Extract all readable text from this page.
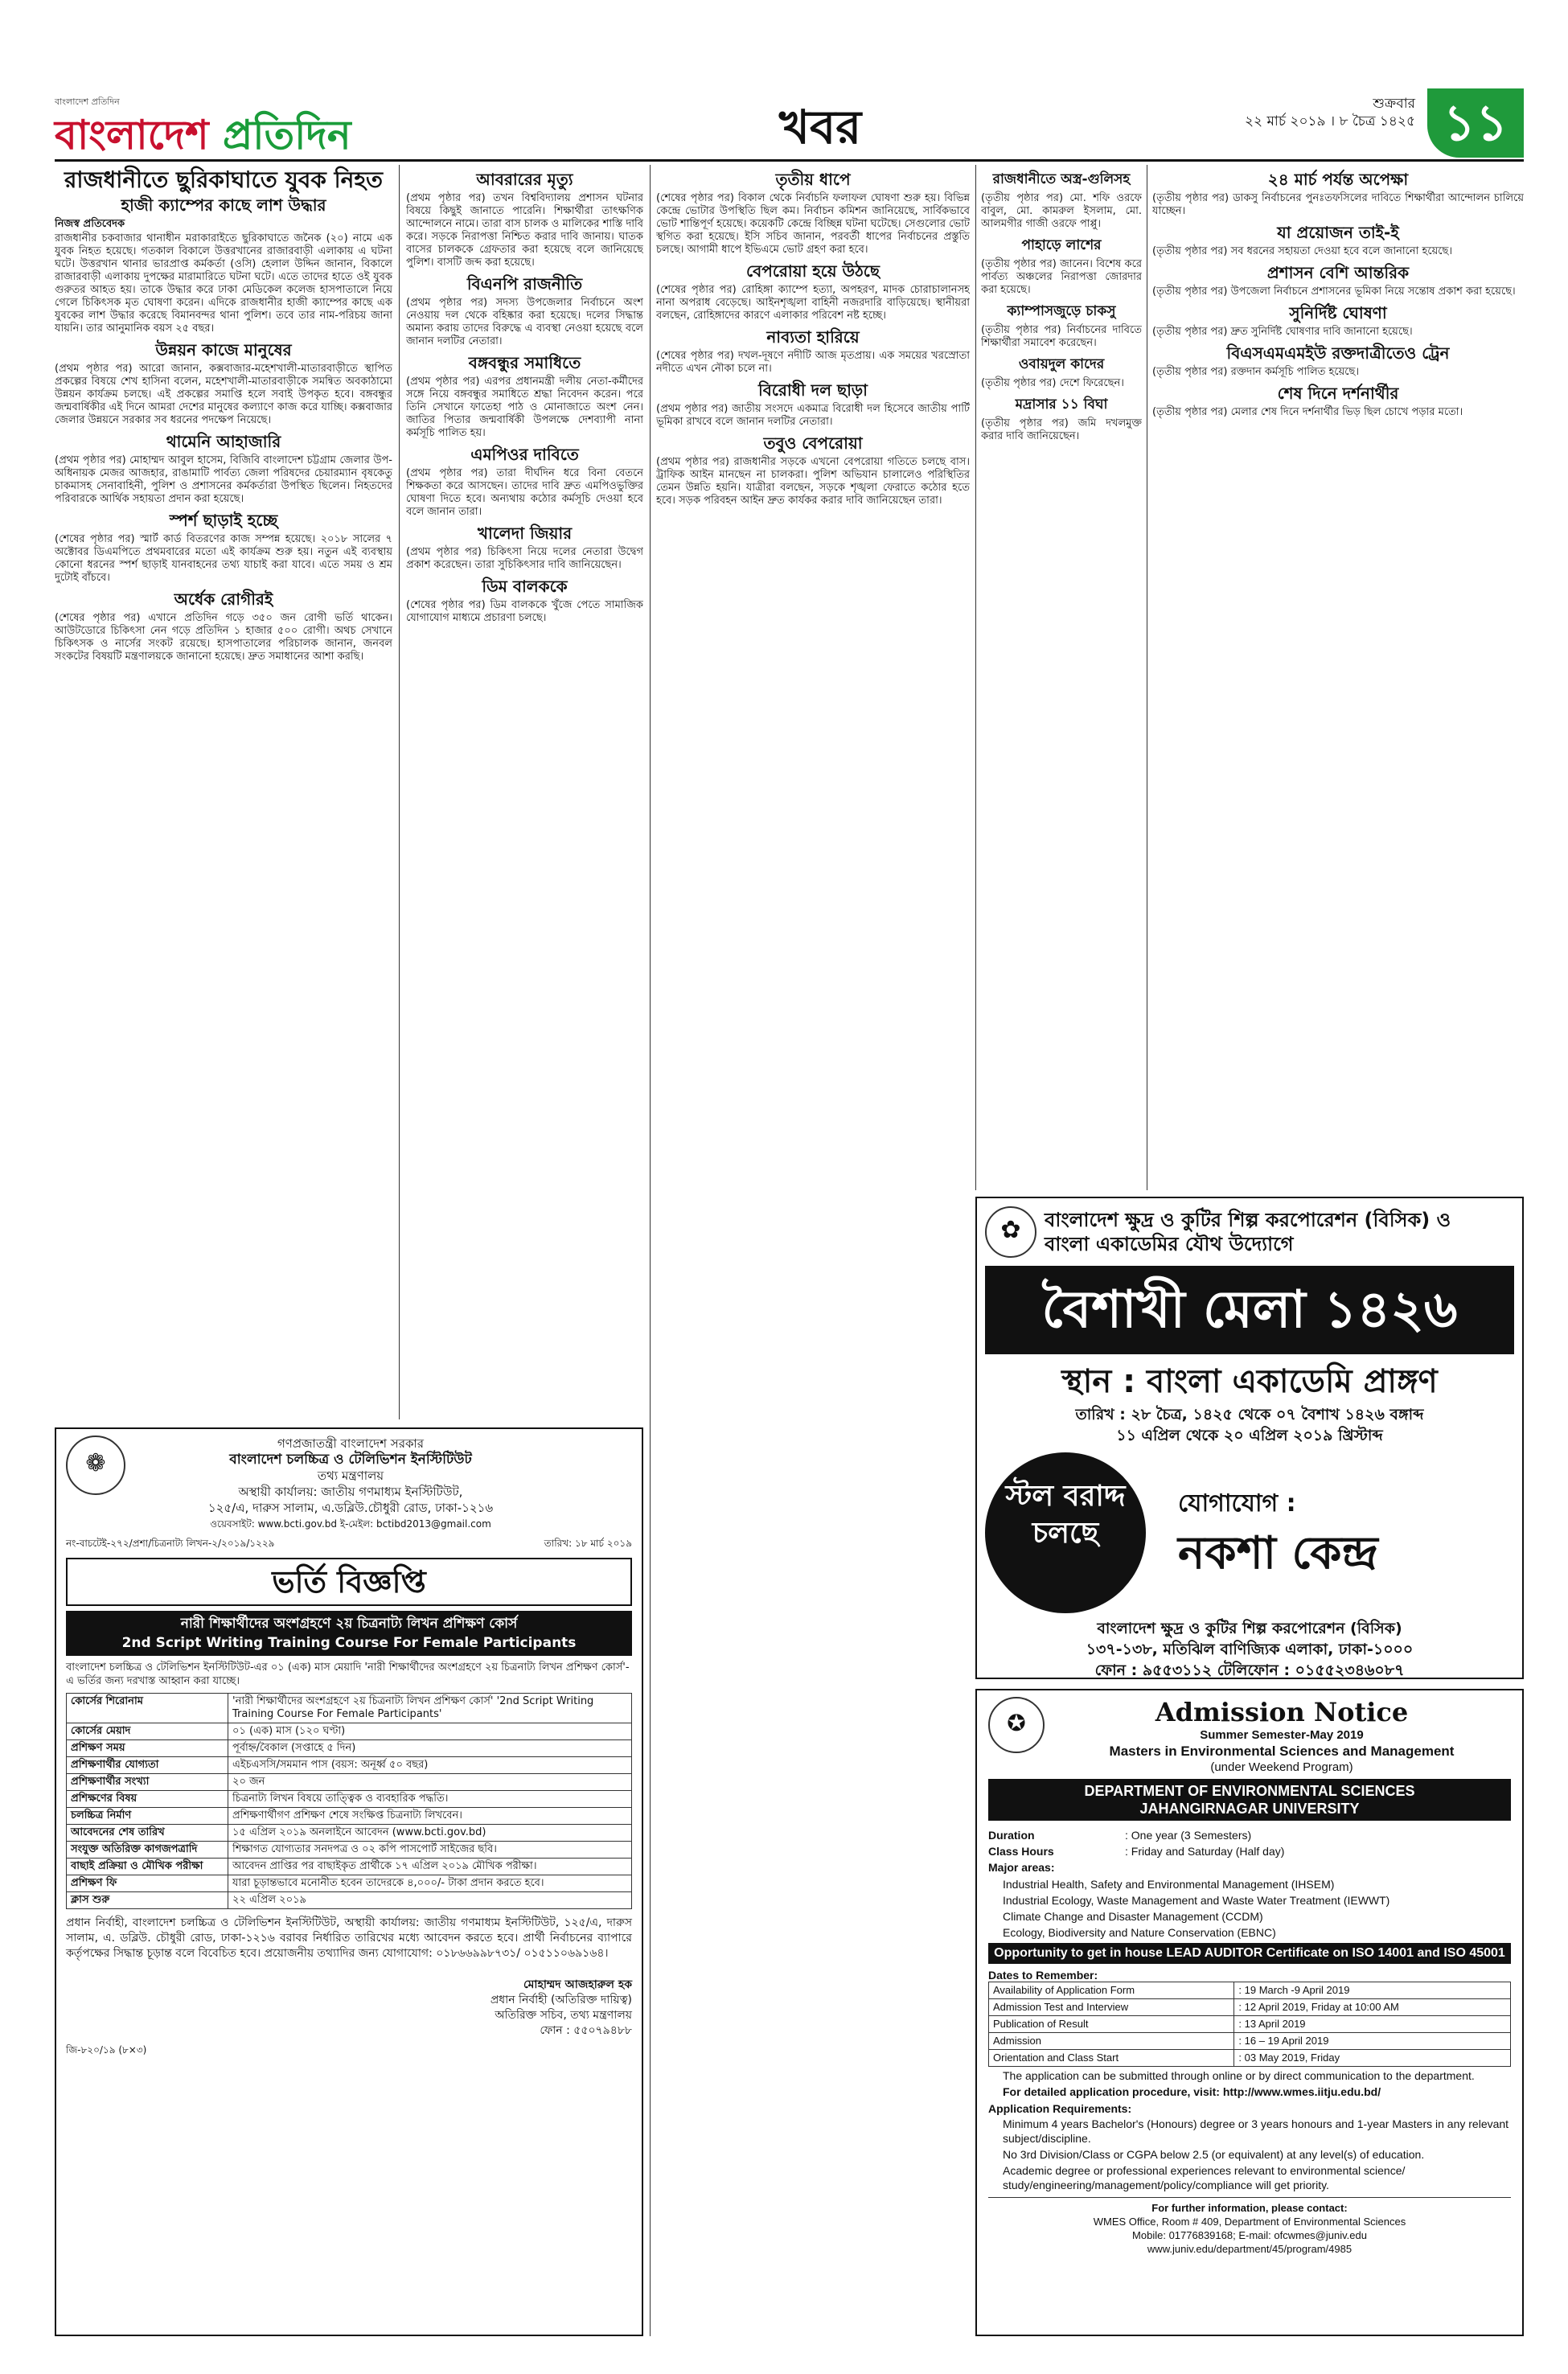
বাংলাদেশ প্রতিদিন
বাংলাদেশ প্রতিদিন	খবর	শুক্রবার
২২ মার্চ ২০১৯ । ৮ চৈত্র ১৪২৫ ১১
রাজধানীতে ছুরিকাঘাতে যুবক নিহত
হাজী ক্যাম্পের কাছে লাশ উদ্ধার
নিজস্ব প্রতিবেদক

রাজধানীর চকবাজার থানাধীন মরাকারাইতে ছুরিকাঘাতে জনৈক (২০) নামে এক যুবক নিহত হয়েছে। গতকাল বিকালে উত্তরখানের রাজারবাড়ী এলাকায় এ ঘটনা ঘটে। উত্তরখান থানার ভারপ্রাপ্ত কর্মকর্তা (ওসি) হেলাল উদ্দিন জানান, বিকালে রাজারবাড়ী এলাকায় দুপক্ষের মারামারিতে ঘটনা ঘটে। এতে তাদের হাতে ওই যুবক গুরুতর আহত হয়। তাকে উদ্ধার করে ঢাকা মেডিকেল কলেজ হাসপাতালে নিয়ে গেলে চিকিৎসক মৃত ঘোষণা করেন। এদিকে রাজধানীর হাজী ক্যাম্পের কাছে এক যুবকের লাশ উদ্ধার করেছে বিমানবন্দর থানা পুলিশ। তবে তার নাম-পরিচয় জানা যায়নি। তার আনুমানিক বয়স ২৫ বছর।

উন্নয়ন কাজে মানুষের

(প্রথম পৃষ্ঠার পর) আরো জানান, কক্সবাজার-মহেশখালী-মাতারবাড়ীতে স্থাপিত প্রকল্পের বিষয়ে শেখ হাসিনা বলেন, মহেশখালী-মাতারবাড়ীকে সমন্বিত অবকাঠামো উন্নয়ন কার্যক্রম চলছে। এই প্রকল্পের সমাপ্তি হলে সবাই উপকৃত হবে। বঙ্গবন্ধুর জন্মবার্ষিকীর এই দিনে আমরা দেশের মানুষের কল্যাণে কাজ করে যাচ্ছি। কক্সবাজার জেলার উন্নয়নে সরকার সব ধরনের পদক্ষেপ নিয়েছে।

থামেনি আহাজারি

(প্রথম পৃষ্ঠার পর) মোহাম্মদ আবুল হাসেম, বিজিবি বাংলাদেশ চট্টগ্রাম জেলার উপ-অধিনায়ক মেজর আজহার, রাঙামাটি পার্বত্য জেলা পরিষদের চেয়ারম্যান বৃষকেতু চাকমাসহ সেনাবাহিনী, পুলিশ ও প্রশাসনের কর্মকর্তারা উপস্থিত ছিলেন। নিহতদের পরিবারকে আর্থিক সহায়তা প্রদান করা হয়েছে।

স্পর্শ ছাড়াই হচ্ছে

(শেষের পৃষ্ঠার পর) স্মার্ট কার্ড বিতরণের কাজ সম্পন্ন হয়েছে। ২০১৮ সালের ৭ অক্টোবর ডিএমপিতে প্রথমবারের মতো এই কার্যক্রম শুরু হয়। নতুন এই ব্যবস্থায় কোনো ধরনের স্পর্শ ছাড়াই যানবাহনের তথ্য যাচাই করা যাবে। এতে সময় ও শ্রম দুটোই বাঁচবে।

অর্ধেক রোগীরই

(শেষের পৃষ্ঠার পর) এখানে প্রতিদিন গড়ে ৩৫০ জন রোগী ভর্তি থাকেন। আউটডোরে চিকিৎসা নেন গড়ে প্রতিদিন ১ হাজার ৫০০ রোগী। অথচ সেখানে চিকিৎসক ও নার্সের সংকট রয়েছে। হাসপাতালের পরিচালক জানান, জনবল সংকটের বিষয়টি মন্ত্রণালয়কে জানানো হয়েছে। দ্রুত সমাধানের আশা করছি।

আবরারের মৃত্যু

(প্রথম পৃষ্ঠার পর) তখন বিশ্ববিদ্যালয় প্রশাসন ঘটনার বিষয়ে কিছুই জানাতে পারেনি। শিক্ষার্থীরা তাৎক্ষণিক আন্দোলনে নামে। তারা বাস চালক ও মালিকের শাস্তি দাবি করে। সড়কে নিরাপত্তা নিশ্চিত করার দাবি জানায়। ঘাতক বাসের চালককে গ্রেফতার করা হয়েছে বলে জানিয়েছে পুলিশ। বাসটি জব্দ করা হয়েছে।

বিএনপি রাজনীতি

(প্রথম পৃষ্ঠার পর) সদস্য উপজেলার নির্বাচনে অংশ নেওয়ায় দল থেকে বহিষ্কার করা হয়েছে। দলের সিদ্ধান্ত অমান্য করায় তাদের বিরুদ্ধে এ ব্যবস্থা নেওয়া হয়েছে বলে জানান দলটির নেতারা।

বঙ্গবন্ধুর সমাধিতে

(প্রথম পৃষ্ঠার পর) এরপর প্রধানমন্ত্রী দলীয় নেতা-কর্মীদের সঙ্গে নিয়ে বঙ্গবন্ধুর সমাধিতে শ্রদ্ধা নিবেদন করেন। পরে তিনি সেখানে ফাতেহা পাঠ ও মোনাজাতে অংশ নেন। জাতির পিতার জন্মবার্ষিকী উপলক্ষে দেশব্যাপী নানা কর্মসূচি পালিত হয়।

এমপিওর দাবিতে

(প্রথম পৃষ্ঠার পর) তারা দীর্ঘদিন ধরে বিনা বেতনে শিক্ষকতা করে আসছেন। তাদের দাবি দ্রুত এমপিওভুক্তির ঘোষণা দিতে হবে। অন্যথায় কঠোর কর্মসূচি দেওয়া হবে বলে জানান তারা।

খালেদা জিয়ার

(প্রথম পৃষ্ঠার পর) চিকিৎসা নিয়ে দলের নেতারা উদ্বেগ প্রকাশ করেছেন। তারা সুচিকিৎসার দাবি জানিয়েছেন।

ডিম বালককে

(শেষের পৃষ্ঠার পর) ডিম বালককে খুঁজে পেতে সামাজিক যোগাযোগ মাধ্যমে প্রচারণা চলছে।

তৃতীয় ধাপে

(শেষের পৃষ্ঠার পর) বিকাল থেকে নির্বাচনি ফলাফল ঘোষণা শুরু হয়। বিভিন্ন কেন্দ্রে ভোটার উপস্থিতি ছিল কম। নির্বাচন কমিশন জানিয়েছে, সার্বিকভাবে ভোট শান্তিপূর্ণ হয়েছে। কয়েকটি কেন্দ্রে বিচ্ছিন্ন ঘটনা ঘটেছে। সেগুলোর ভোট স্থগিত করা হয়েছে। ইসি সচিব জানান, পরবর্তী ধাপের নির্বাচনের প্রস্তুতি চলছে। আগামী ধাপে ইভিএমে ভোট গ্রহণ করা হবে।

বেপরোয়া হয়ে উঠছে

(শেষের পৃষ্ঠার পর) রোহিঙ্গা ক্যাম্পে হত্যা, অপহরণ, মাদক চোরাচালানসহ নানা অপরাধ বেড়েছে। আইনশৃঙ্খলা বাহিনী নজরদারি বাড়িয়েছে। স্থানীয়রা বলছেন, রোহিঙ্গাদের কারণে এলাকার পরিবেশ নষ্ট হচ্ছে।

নাব্যতা হারিয়ে

(শেষের পৃষ্ঠার পর) দখল-দূষণে নদীটি আজ মৃতপ্রায়। এক সময়ের খরস্রোতা নদীতে এখন নৌকা চলে না।

বিরোধী দল ছাড়া

(প্রথম পৃষ্ঠার পর) জাতীয় সংসদে একমাত্র বিরোধী দল হিসেবে জাতীয় পার্টি ভূমিকা রাখবে বলে জানান দলটির নেতারা।

তবুও বেপরোয়া

(প্রথম পৃষ্ঠার পর) রাজধানীর সড়কে এখনো বেপরোয়া গতিতে চলছে বাস। ট্রাফিক আইন মানছেন না চালকরা। পুলিশ অভিযান চালালেও পরিস্থিতির তেমন উন্নতি হয়নি। যাত্রীরা বলছেন, সড়কে শৃঙ্খলা ফেরাতে কঠোর হতে হবে। সড়ক পরিবহন আইন দ্রুত কার্যকর করার দাবি জানিয়েছেন তারা।

রাজধানীতে অস্ত্র-গুলিসহ

(তৃতীয় পৃষ্ঠার পর) মো. শফি ওরফে বাবুল, মো. কামরুল ইসলাম, মো. আলমগীর গাজী ওরফে পাপ্পু।

পাহাড়ে লাশের

(তৃতীয় পৃষ্ঠার পর) জানেন। বিশেষ করে পার্বত্য অঞ্চলের নিরাপত্তা জোরদার করা হয়েছে।

ক্যাম্পাসজুড়ে চাকসু

(তৃতীয় পৃষ্ঠার পর) নির্বাচনের দাবিতে শিক্ষার্থীরা সমাবেশ করেছেন।

ওবায়দুল কাদের

(তৃতীয় পৃষ্ঠার পর) দেশে ফিরেছেন।

মদ্রাসার ১১ বিঘা

(তৃতীয় পৃষ্ঠার পর) জমি দখলমুক্ত করার দাবি জানিয়েছেন।

২৪ মার্চ পর্যন্ত অপেক্ষা

(তৃতীয় পৃষ্ঠার পর) ডাকসু নির্বাচনের পুনঃতফসিলের দাবিতে শিক্ষার্থীরা আন্দোলন চালিয়ে যাচ্ছেন।

যা প্রয়োজন তাই-ই

(তৃতীয় পৃষ্ঠার পর) সব ধরনের সহায়তা দেওয়া হবে বলে জানানো হয়েছে।

প্রশাসন বেশি আন্তরিক

(তৃতীয় পৃষ্ঠার পর) উপজেলা নির্বাচনে প্রশাসনের ভূমিকা নিয়ে সন্তোষ প্রকাশ করা হয়েছে।

সুনির্দিষ্ট ঘোষণা

(তৃতীয় পৃষ্ঠার পর) দ্রুত সুনির্দিষ্ট ঘোষণার দাবি জানানো হয়েছে।

বিএসএমএমইউ রক্তদাত্রীতেও ট্রেন

(তৃতীয় পৃষ্ঠার পর) রক্তদান কর্মসূচি পালিত হয়েছে।

শেষ দিনে দর্শনার্থীর

(তৃতীয় পৃষ্ঠার পর) মেলার শেষ দিনে দর্শনার্থীর ভিড় ছিল চোখে পড়ার মতো।

✿	বাংলাদেশ ক্ষুদ্র ও কুটির শিল্প করপোরেশন (বিসিক) ও
বাংলা একাডেমির যৌথ উদ্যোগে
বৈশাখী মেলা ১৪২৬
স্থান : বাংলা একাডেমি প্রাঙ্গণ
তারিখ : ২৮ চৈত্র, ১৪২৫ থেকে ০৭ বৈশাখ ১৪২৬ বঙ্গাব্দ
১১ এপ্রিল থেকে ২০ এপ্রিল ২০১৯ খ্রিস্টাব্দ
স্টল বরাদ্দ চলছে
যোগাযোগ :
নকশা কেন্দ্র
বাংলাদেশ ক্ষুদ্র ও কুটির শিল্প করপোরেশন (বিসিক)
১৩৭-১৩৮, মতিঝিল বাণিজ্যিক এলাকা, ঢাকা-১০০০
ফোন : ৯৫৫৩১১২ টেলিফোন : ০১৫৫২৩৪৬০৮৭
✪	Admission Notice
Summer Semester-May 2019
Masters in Environmental Sciences and Management
(under Weekend Program)
DEPARTMENT OF ENVIRONMENTAL SCIENCES
JAHANGIRNAGAR UNIVERSITY
Duration	: One year (3 Semesters)
Class Hours	: Friday and Saturday (Half day)
Major areas:
Industrial Health, Safety and Environmental Management (IHSEM)
Industrial Ecology, Waste Management and Waste Water Treatment (IEWWT)
Climate Change and Disaster Management (CCDM)
Ecology, Biodiversity and Nature Conservation (EBNC)
Opportunity to get in house LEAD AUDITOR Certificate on ISO 14001 and ISO 45001
Dates to Remember:
Availability of Application Form	: 19 March -9 April 2019
Admission Test and Interview	: 12 April 2019, Friday at 10:00 AM
Publication of Result	: 13 April 2019
Admission	: 16 – 19 April 2019
Orientation and Class Start	: 03 May 2019, Friday
The application can be submitted through online or by direct communication to the department.
For detailed application procedure, visit: http://www.wmes.iitju.edu.bd/
Application Requirements:
Minimum 4 years Bachelor's (Honours) degree or 3 years honours and 1-year Masters in any relevant subject/discipline.
No 3rd Division/Class or CGPA below 2.5 (or equivalent) at any level(s) of education.
Academic degree or professional experiences relevant to environmental science/ study/engineering/management/policy/compliance will get priority.
For further information, please contact:
WMES Office, Room # 409, Department of Environmental Sciences
Mobile: 01776839168; E-mail: ofcwmes@juniv.edu
www.juniv.edu/department/45/program/4985
❁
গণপ্রজাতন্ত্রী বাংলাদেশ সরকার
বাংলাদেশ চলচ্চিত্র ও টেলিভিশন ইনস্টিটিউট
তথ্য মন্ত্রণালয়
অস্থায়ী কার্যালয়: জাতীয় গণমাধ্যম ইনস্টিটিউট,
১২৫/এ, দারুস সালাম, এ.ডব্লিউ.চৌধুরী রোড, ঢাকা-১২১৬
ওয়েবসাইট: www.bcti.gov.bd ই-মেইল: bctibd2013@gmail.com
নং-বাচটেই-২৭২/প্রশা/চিত্রনাট্য লিখন-২/২০১৯/১২২৯	তারিখ: ১৮ মার্চ ২০১৯
ভর্তি বিজ্ঞপ্তি
নারী শিক্ষার্থীদের অংশগ্রহণে ২য় চিত্রনাট্য লিখন প্রশিক্ষণ কোর্স
2nd Script Writing Training Course For Female Participants

বাংলাদেশ চলচ্চিত্র ও টেলিভিশন ইনস্টিটিউট-এর ০১ (এক) মাস মেয়াদি 'নারী শিক্ষার্থীদের অংশগ্রহণে ২য় চিত্রনাট্য লিখন প্রশিক্ষণ কোর্স'-এ ভর্তির জন্য দরখাস্ত আহ্বান করা যাচ্ছে।

কোর্সের শিরোনাম	'নারী শিক্ষার্থীদের অংশগ্রহণে ২য় চিত্রনাট্য লিখন প্রশিক্ষণ কোর্স' '2nd Script Writing Training Course For Female Participants'
কোর্সের মেয়াদ	০১ (এক) মাস (১২০ ঘণ্টা)
প্রশিক্ষণ সময়	পূর্বাহ্ন/বৈকাল (সপ্তাহে ৫ দিন)
প্রশিক্ষণার্থীর যোগ্যতা	এইচএসসি/সমমান পাস (বয়স: অনূর্ধ্ব ৫০ বছর)
প্রশিক্ষণার্থীর সংখ্যা	২০ জন
প্রশিক্ষণের বিষয়	চিত্রনাট্য লিখন বিষয়ে তাত্ত্বিক ও ব্যবহারিক পদ্ধতি।
চলচ্চিত্র নির্মাণ	প্রশিক্ষণার্থীগণ প্রশিক্ষণ শেষে সংক্ষিপ্ত চিত্রনাট্য লিখবেন।
আবেদনের শেষ তারিখ	১৫ এপ্রিল ২০১৯ অনলাইনে আবেদন (www.bcti.gov.bd)
সংযুক্ত অতিরিক্ত কাগজপত্রাদি	শিক্ষাগত যোগ্যতার সনদপত্র ও ০২ কপি পাসপোর্ট সাইজের ছবি।
বাছাই প্রক্রিয়া ও মৌখিক পরীক্ষা	আবেদন প্রাপ্তির পর বাছাইকৃত প্রার্থীকে ১৭ এপ্রিল ২০১৯ মৌখিক পরীক্ষা।
প্রশিক্ষণ ফি	যারা চূড়ান্তভাবে মনোনীত হবেন তাদেরকে ৪,০০০/- টাকা প্রদান করতে হবে।
ক্লাস শুরু	২২ এপ্রিল ২০১৯

প্রধান নির্বাহী, বাংলাদেশ চলচ্চিত্র ও টেলিভিশন ইনস্টিটিউট, অস্থায়ী কার্যালয়: জাতীয় গণমাধ্যম ইনস্টিটিউট, ১২৫/এ, দারুস সালাম, এ. ডব্লিউ. চৌধুরী রোড, ঢাকা-১২১৬ বরাবর নির্ধারিত তারিখের মধ্যে আবেদন করতে হবে। প্রার্থী নির্বাচনের ব্যাপারে কর্তৃপক্ষের সিদ্ধান্ত চূড়ান্ত বলে বিবেচিত হবে। প্রয়োজনীয় তথ্যাদির জন্য যোগাযোগ: ০১৮৬৬৯৯৮৭৩১/ ০১৫১১০৬৯১৬৪।

মোহাম্মদ আজহারুল হক
প্রধান নির্বাহী (অতিরিক্ত দায়িত্ব)
অতিরিক্ত সচিব, তথ্য মন্ত্রণালয়
ফোন : ৫৫০৭৯৪৮৮
জি-৮২০/১৯ (৮×৩)
